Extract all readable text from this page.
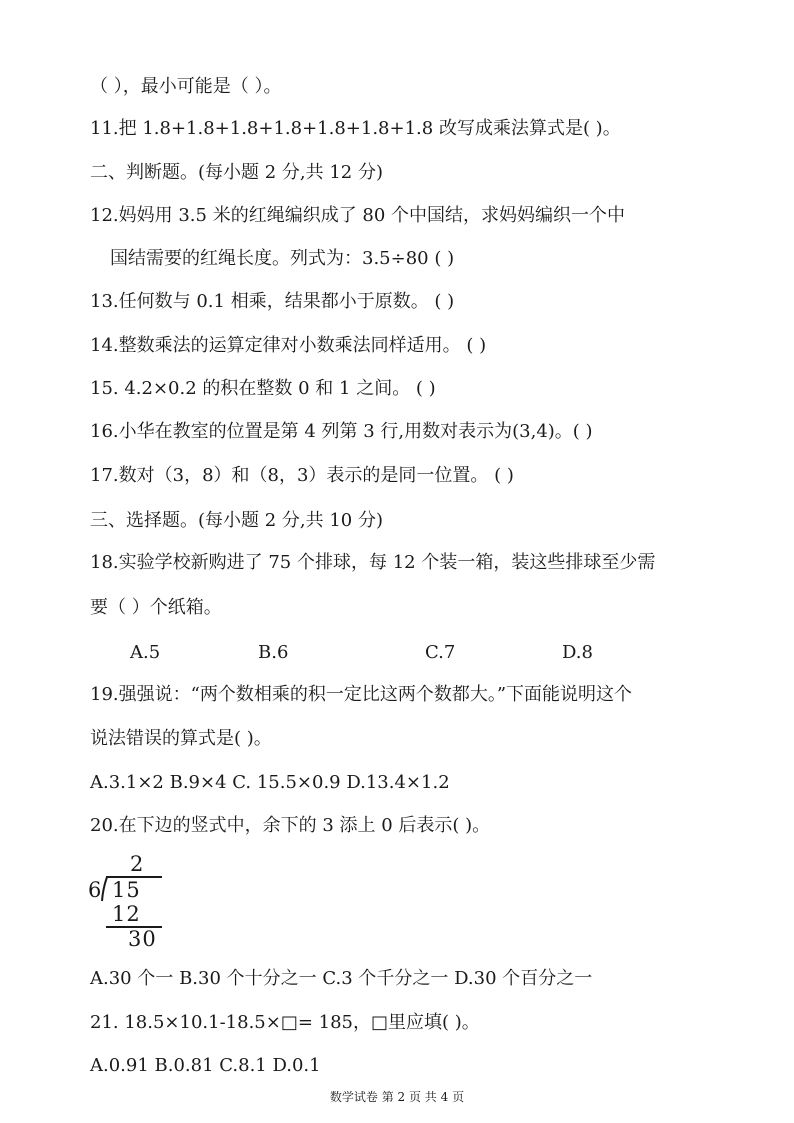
（ ），最小可能是（ ）。
11.把 1.8+1.8+1.8+1.8+1.8+1.8+1.8 改写成乘法算式是( )。
二、判断题。(每小题 2 分,共 12 分)
12.妈妈用 3.5 米的红绳编织成了 80 个中国结，求妈妈编织一个中
国结需要的红绳长度。列式为：3.5÷80 ( )
13.任何数与 0.1 相乘，结果都小于原数。 ( )
14.整数乘法的运算定律对小数乘法同样适用。 ( )
15. 4.2×0.2 的积在整数 0 和 1 之间。 ( )
16.小华在教室的位置是第 4 列第 3 行,用数对表示为(3,4)。( )
17.数对（3，8）和（8，3）表示的是同一位置。 ( )
三、选择题。(每小题 2 分,共 10 分)
18.实验学校新购进了 75 个排球，每 12 个装一箱，装这些排球至少需
要（ ）个纸箱。
A.5	B.6	C.7	D.8
19.强强说：“两个数相乘的积一定比这两个数都大。”下面能说明这个
说法错误的算式是( )。
A.3.1×2 B.9×4 C. 15.5×0.9 D.13.4×1.2
20.在下边的竖式中，余下的 3 添上 0 后表示( )。
2
6 15
12
30
A.30 个一 B.30 个十分之一 C.3 个千分之一 D.30 个百分之一
21. 18.5×10.1-18.5×□= 185，□里应填( )。
A.0.91 B.0.81 C.8.1 D.0.1
数学试卷 第 2 页 共 4 页
